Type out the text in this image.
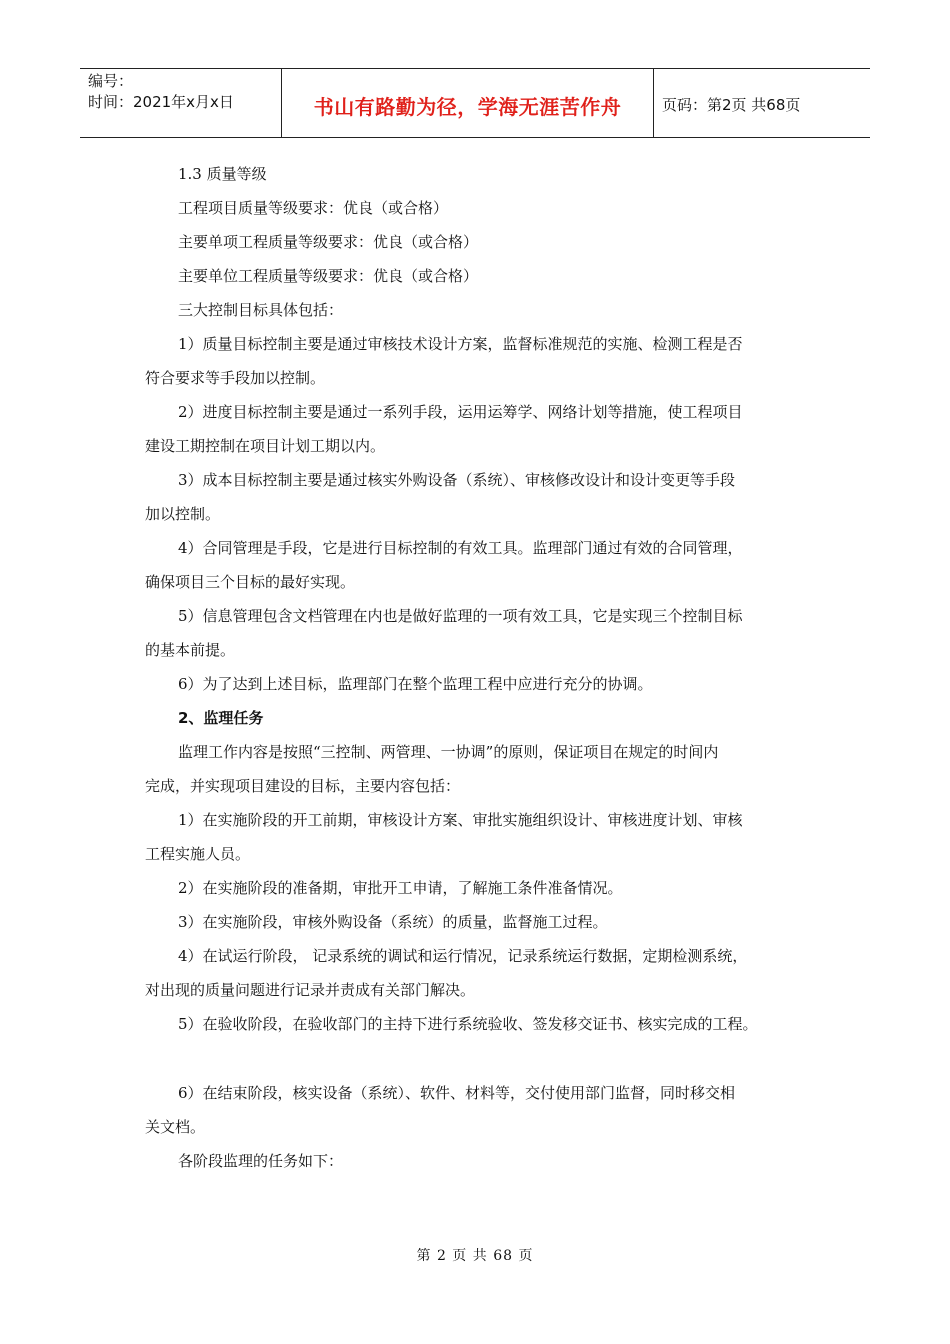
编号：
时间：2021年x月x日	书山有路勤为径，学海无涯苦作舟	页码：第2页 共68页

1.3 质量等级

工程项目质量等级要求：优良（或合格）

主要单项工程质量等级要求：优良（或合格）

主要单位工程质量等级要求：优良（或合格）

三大控制目标具体包括：

1）质量目标控制主要是通过审核技术设计方案，监督标准规范的实施、检测工程是否

符合要求等手段加以控制。

2）进度目标控制主要是通过一系列手段，运用运筹学、网络计划等措施，使工程项目

建设工期控制在项目计划工期以内。

3）成本目标控制主要是通过核实外购设备（系统）、审核修改设计和设计变更等手段

加以控制。

4）合同管理是手段，它是进行目标控制的有效工具。监理部门通过有效的合同管理，

确保项目三个目标的最好实现。

5）信息管理包含文档管理在内也是做好监理的一项有效工具，它是实现三个控制目标

的基本前提。

6）为了达到上述目标，监理部门在整个监理工程中应进行充分的协调。

2、监理任务

监理工作内容是按照“三控制、两管理、一协调”的原则，保证项目在规定的时间内

完成，并实现项目建设的目标，主要内容包括：

1）在实施阶段的开工前期，审核设计方案、审批实施组织设计、审核进度计划、审核

工程实施人员。

2）在实施阶段的准备期，审批开工申请，了解施工条件准备情况。

3）在实施阶段，审核外购设备（系统）的质量，监督施工过程。

4）在试运行阶段， 记录系统的调试和运行情况，记录系统运行数据，定期检测系统，

对出现的质量问题进行记录并责成有关部门解决。

5）在验收阶段，在验收部门的主持下进行系统验收、签发移交证书、核实完成的工程。

6）在结束阶段，核实设备（系统）、软件、材料等，交付使用部门监督，同时移交相

关文档。

各阶段监理的任务如下：

第 2 页 共 68 页
